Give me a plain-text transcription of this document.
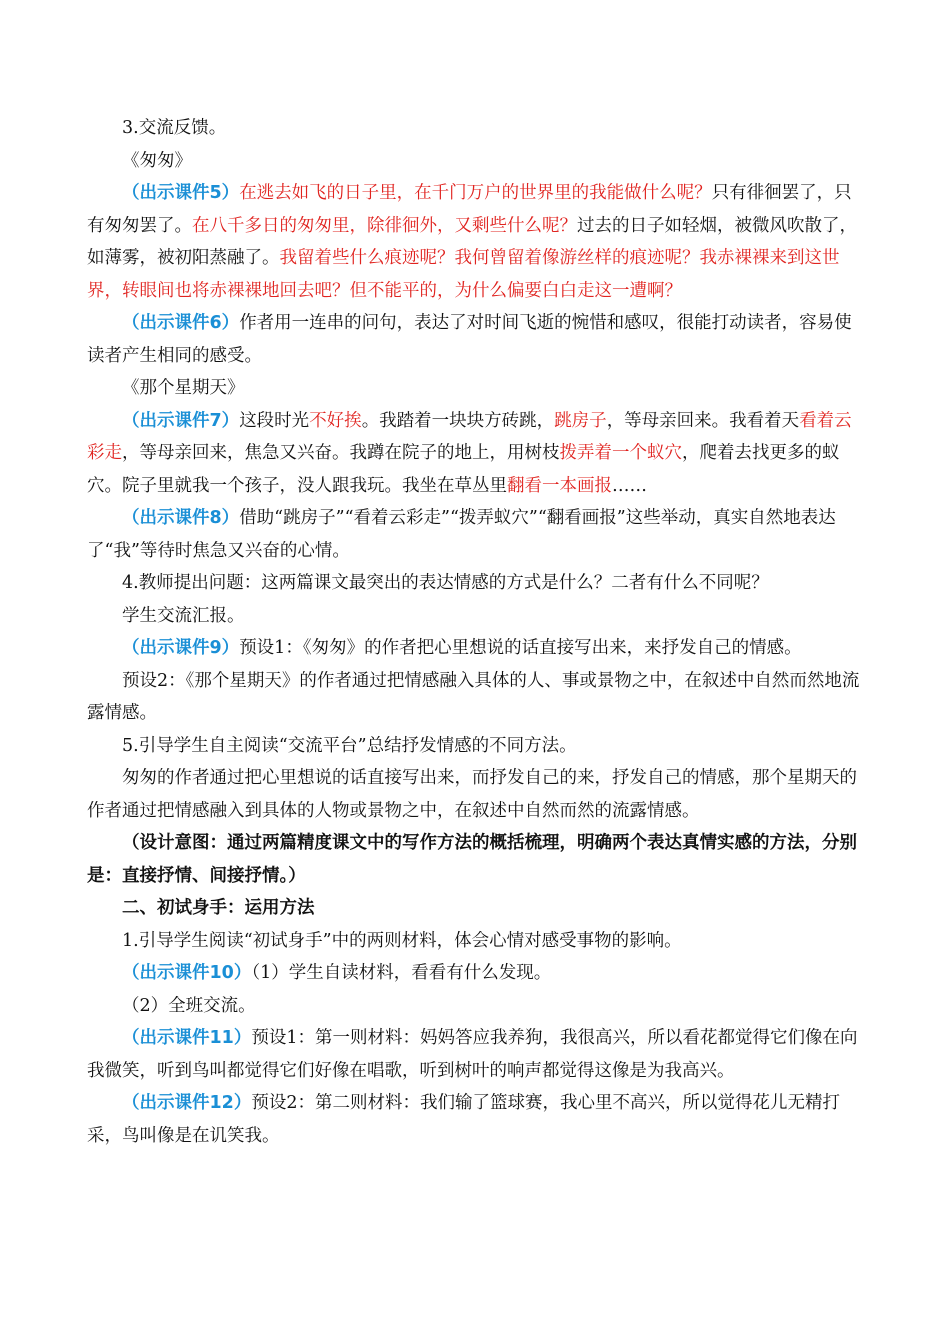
3.交流反馈。

《匆匆》

（出示课件5）在逃去如飞的日子里，在千门万户的世界里的我能做什么呢？只有徘徊罢了，只有匆匆罢了。在八千多日的匆匆里，除徘徊外，又剩些什么呢？过去的日子如轻烟，被微风吹散了，如薄雾，被初阳蒸融了。我留着些什么痕迹呢？我何曾留着像游丝样的痕迹呢？我赤裸裸来到这世界，转眼间也将赤裸裸地回去吧？但不能平的，为什么偏要白白走这一遭啊？

（出示课件6）作者用一连串的问句，表达了对时间飞逝的惋惜和感叹，很能打动读者，容易使读者产生相同的感受。

《那个星期天》

（出示课件7）这段时光不好挨。我踏着一块块方砖跳，跳房子，等母亲回来。我看着天看着云彩走，等母亲回来，焦急又兴奋。我蹲在院子的地上，用树枝拨弄着一个蚁穴，爬着去找更多的蚁穴。院子里就我一个孩子，没人跟我玩。我坐在草丛里翻看一本画报……

（出示课件8）借助“跳房子”“看着云彩走”“拨弄蚁穴”“翻看画报”这些举动，真实自然地表达了“我”等待时焦急又兴奋的心情。

4.教师提出问题：这两篇课文最突出的表达情感的方式是什么？二者有什么不同呢？

学生交流汇报。

（出示课件9）预设1：《匆匆》的作者把心里想说的话直接写出来，来抒发自己的情感。

预设2：《那个星期天》的作者通过把情感融入具体的人、事或景物之中，在叙述中自然而然地流露情感。

5.引导学生自主阅读“交流平台”总结抒发情感的不同方法。

匆匆的作者通过把心里想说的话直接写出来，而抒发自己的来，抒发自己的情感，那个星期天的作者通过把情感融入到具体的人物或景物之中，在叙述中自然而然的流露情感。

（设计意图：通过两篇精度课文中的写作方法的概括梳理，明确两个表达真情实感的方法，分别是：直接抒情、间接抒情。）

二、初试身手：运用方法

1.引导学生阅读“初试身手”中的两则材料，体会心情对感受事物的影响。

（出示课件10）（1）学生自读材料，看看有什么发现。

（2）全班交流。

（出示课件11）预设1：第一则材料：妈妈答应我养狗，我很高兴，所以看花都觉得它们像在向我微笑，听到鸟叫都觉得它们好像在唱歌，听到树叶的响声都觉得这像是为我高兴。

（出示课件12）预设2：第二则材料：我们输了篮球赛，我心里不高兴，所以觉得花儿无精打采，鸟叫像是在讥笑我。
